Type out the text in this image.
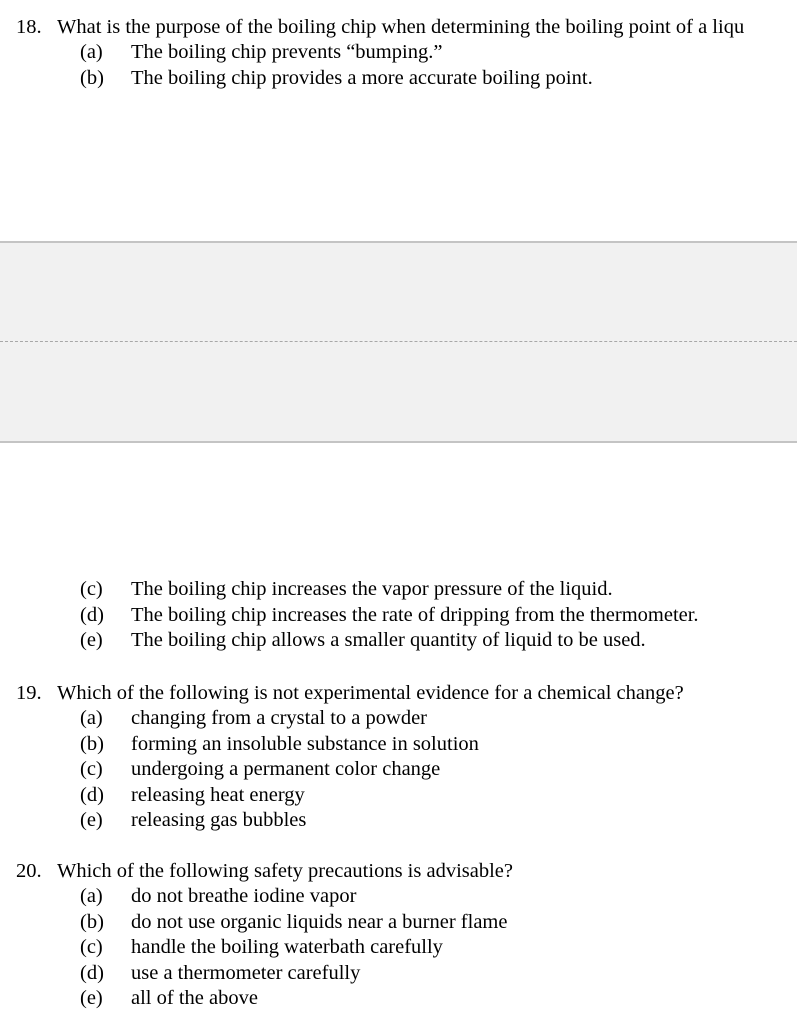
18. What is the purpose of the boiling chip when determining the boiling point of a liqu
(a) The boiling chip prevents “bumping.”
(b) The boiling chip provides a more accurate boiling point.
(c) The boiling chip increases the vapor pressure of the liquid.
(d) The boiling chip increases the rate of dripping from the thermometer.
(e) The boiling chip allows a smaller quantity of liquid to be used.
19. Which of the following is not experimental evidence for a chemical change?
(a) changing from a crystal to a powder
(b) forming an insoluble substance in solution
(c) undergoing a permanent color change
(d) releasing heat energy
(e) releasing gas bubbles
20. Which of the following safety precautions is advisable?
(a) do not breathe iodine vapor
(b) do not use organic liquids near a burner flame
(c) handle the boiling waterbath carefully
(d) use a thermometer carefully
(e) all of the above
